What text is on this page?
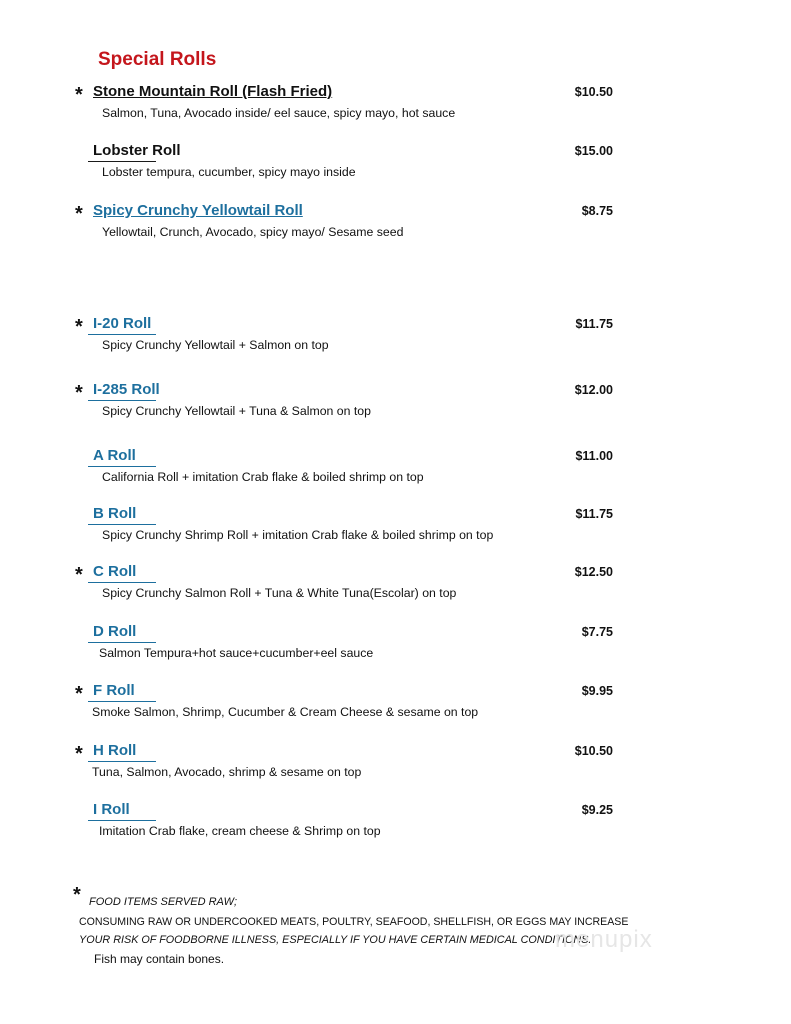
Special Rolls
* Stone Mountain Roll (Flash Fried)
Salmon, Tuna, Avocado inside/ eel sauce, spicy mayo, hot sauce
$10.50
Lobster Roll
Lobster tempura, cucumber, spicy mayo inside
$15.00
* Spicy Crunchy Yellowtail Roll
Yellowtail, Crunch, Avocado, spicy mayo/ Sesame seed
$8.75
* I-20 Roll
Spicy Crunchy Yellowtail + Salmon on top
$11.75
* I-285 Roll
Spicy Crunchy Yellowtail + Tuna & Salmon on top
$12.00
A Roll
California Roll + imitation Crab flake & boiled shrimp on top
$11.00
B Roll
Spicy Crunchy Shrimp Roll + imitation Crab flake & boiled shrimp on top
$11.75
* C Roll
Spicy Crunchy Salmon Roll + Tuna & White Tuna(Escolar) on top
$12.50
D Roll
Salmon Tempura+hot sauce+cucumber+eel sauce
$7.75
* F Roll
Smoke Salmon, Shrimp, Cucumber & Cream Cheese & sesame on top
$9.95
* H Roll
Tuna, Salmon, Avocado, shrimp & sesame on top
$10.50
I Roll
Imitation Crab flake, cream cheese & Shrimp on top
$9.25
* FOOD ITEMS SERVED RAW;
CONSUMING RAW OR UNDERCOOKED MEATS, POULTRY, SEAFOOD, SHELLFISH, OR EGGS MAY INCREASE
YOUR RISK OF FOODBORNE ILLNESS, ESPECIALLY IF YOU HAVE CERTAIN MEDICAL CONDITIONS.
Fish may contain bones.
menupix
